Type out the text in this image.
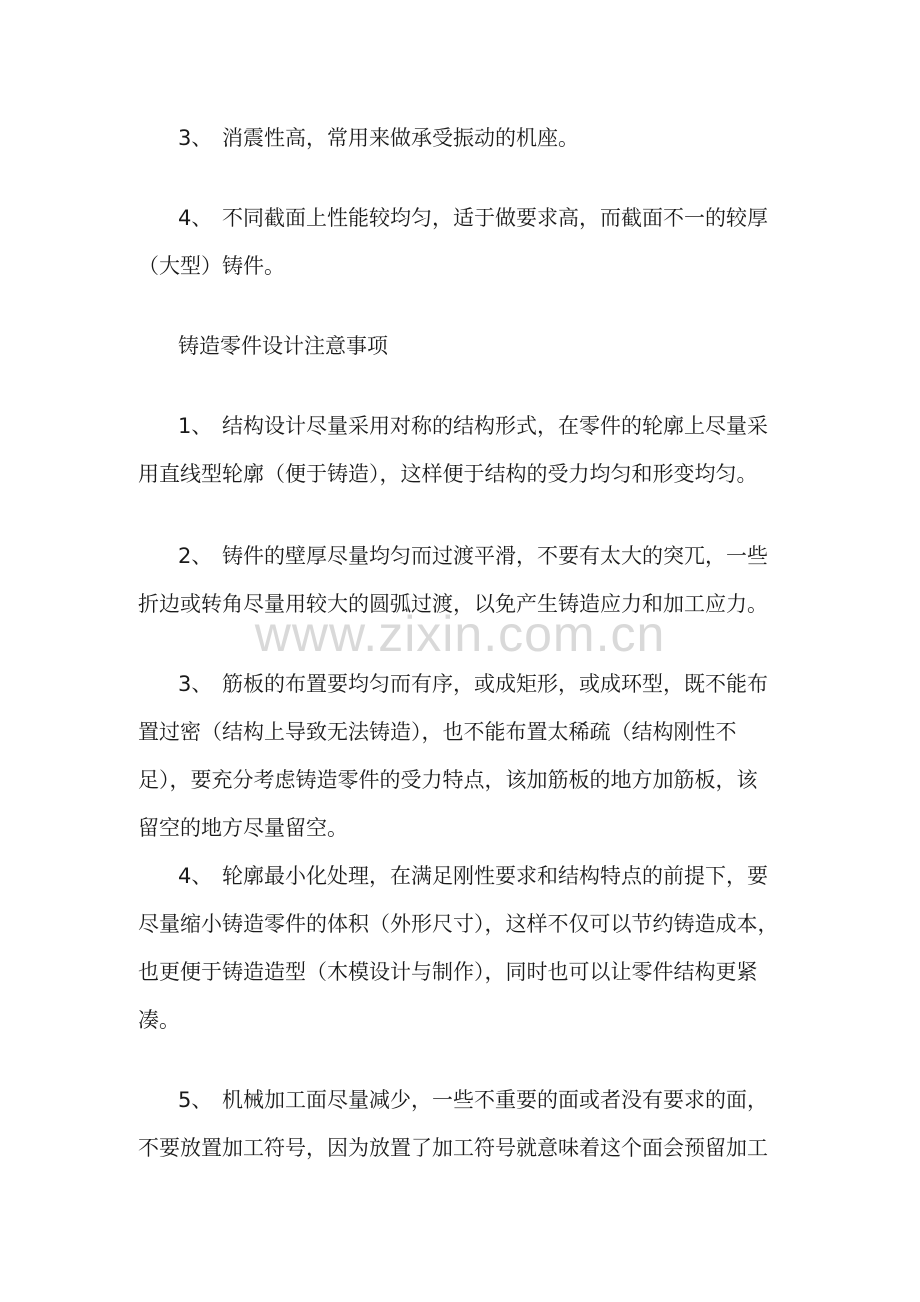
www.zixin.com.cn
3、 消震性高，常用来做承受振动的机座。
4、 不同截面上性能较均匀，适于做要求高，而截面不一的较厚
（大型）铸件。
铸造零件设计注意事项
1、 结构设计尽量采用对称的结构形式，在零件的轮廓上尽量采
用直线型轮廓（便于铸造），这样便于结构的受力均匀和形变均匀。
2、 铸件的壁厚尽量均匀而过渡平滑，不要有太大的突兀，一些
折边或转角尽量用较大的圆弧过渡，以免产生铸造应力和加工应力。
3、 筋板的布置要均匀而有序，或成矩形，或成环型，既不能布
置过密（结构上导致无法铸造），也不能布置太稀疏（结构刚性不
足），要充分考虑铸造零件的受力特点，该加筋板的地方加筋板，该
留空的地方尽量留空。
4、 轮廓最小化处理，在满足刚性要求和结构特点的前提下，要
尽量缩小铸造零件的体积（外形尺寸），这样不仅可以节约铸造成本，
也更便于铸造造型（木模设计与制作），同时也可以让零件结构更紧
凑。
5、 机械加工面尽量减少，一些不重要的面或者没有要求的面，
不要放置加工符号，因为放置了加工符号就意味着这个面会预留加工
